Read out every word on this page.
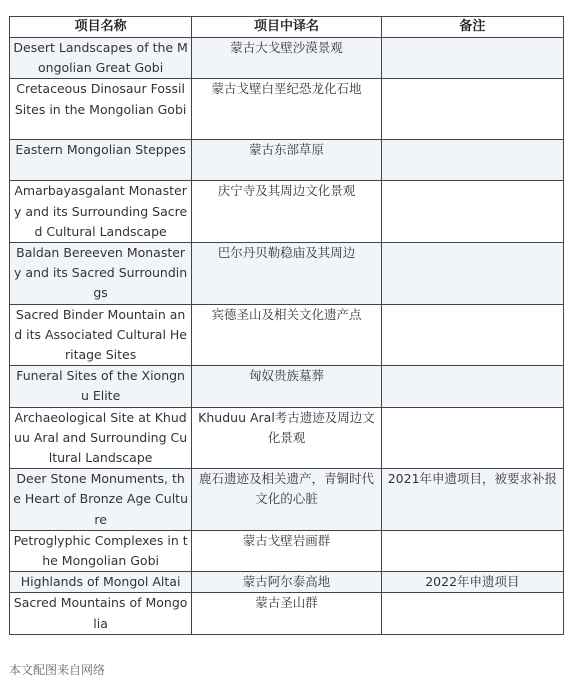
项目名称	项目中译名	备注
Desert Landscapes of the Mongolian Great Gobi	蒙古大戈壁沙漠景观	
Cretaceous Dinosaur Fossil Sites in the Mongolian Gobi	蒙古戈壁白垩纪恐龙化石地	
Eastern Mongolian Steppes	蒙古东部草原	
Amarbayasgalant Monastery and its Surrounding Sacred Cultural Landscape	庆宁寺及其周边文化景观	
Baldan Bereeven Monastery and its Sacred Surroundings	巴尔丹贝勒稳庙及其周边	
Sacred Binder Mountain and its Associated Cultural Heritage Sites	宾德圣山及相关文化遗产点	
Funeral Sites of the Xiongnu Elite	匈奴贵族墓葬	
Archaeological Site at Khuduu Aral and Surrounding Cultural Landscape	Khuduu Aral考古遗迹及周边文化景观	
Deer Stone Monuments, the Heart of Bronze Age Culture	鹿石遗迹及相关遗产，青铜时代文化的心脏	2021年申遗项目，被要求补报
Petroglyphic Complexes in the Mongolian Gobi	蒙古戈壁岩画群	
Highlands of Mongol Altai	蒙古阿尔泰高地	2022年申遗项目
Sacred Mountains of Mongolia	蒙古圣山群	
本文配图来自网络
